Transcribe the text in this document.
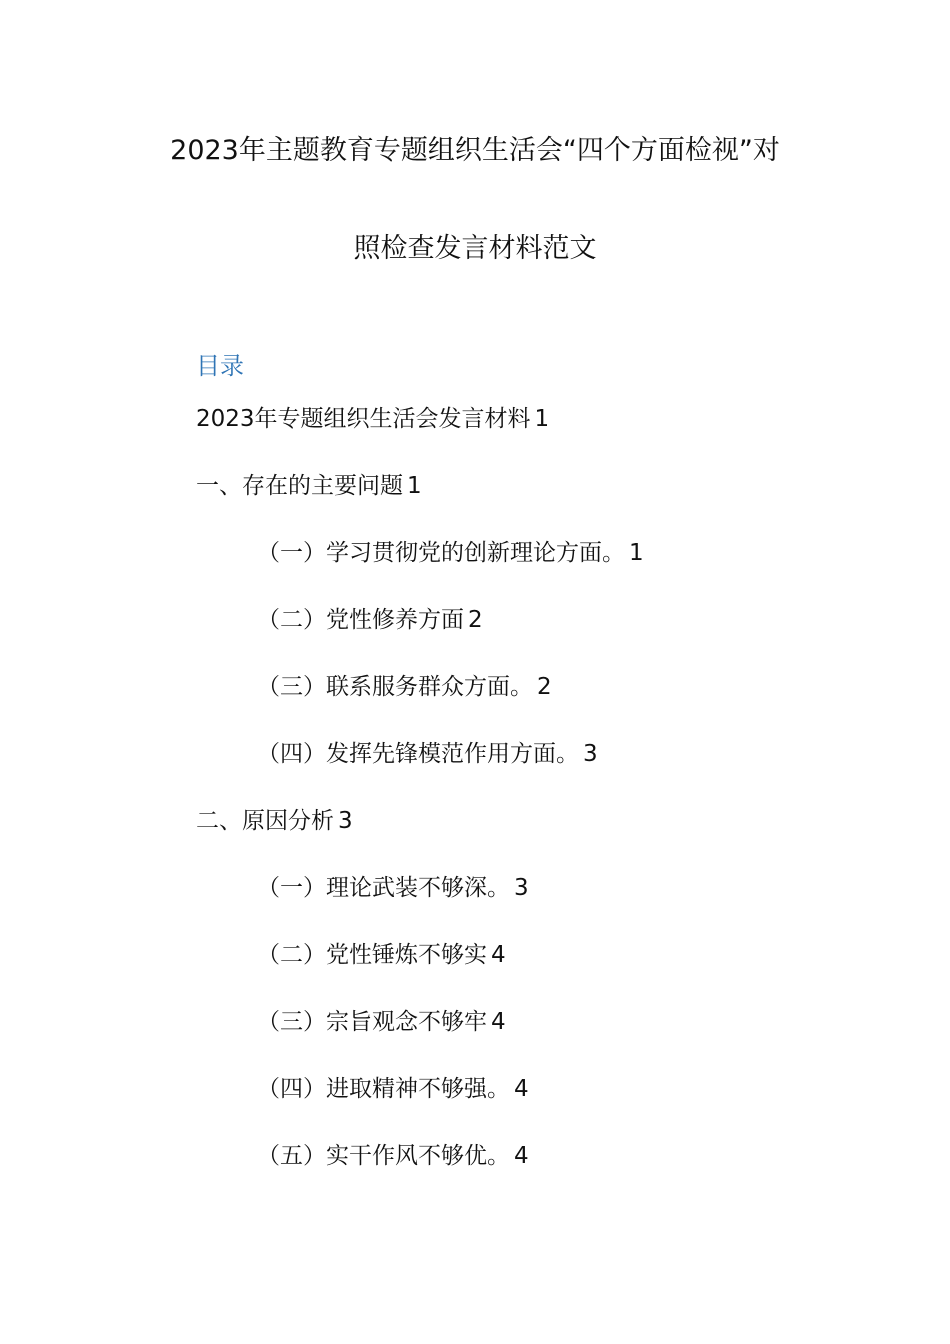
2023年主题教育专题组织生活会“四个方面检视”对
照检查发言材料范文
目录
2023年专题组织生活会发言材料 1
一、存在的主要问题 1
（一）学习贯彻党的创新理论方面。 1
（二）党性修养方面 2
（三）联系服务群众方面。 2
（四）发挥先锋模范作用方面。 3
二、原因分析 3
（一）理论武装不够深。 3
（二）党性锤炼不够实 4
（三）宗旨观念不够牢 4
（四）进取精神不够强。 4
（五）实干作风不够优。 4
